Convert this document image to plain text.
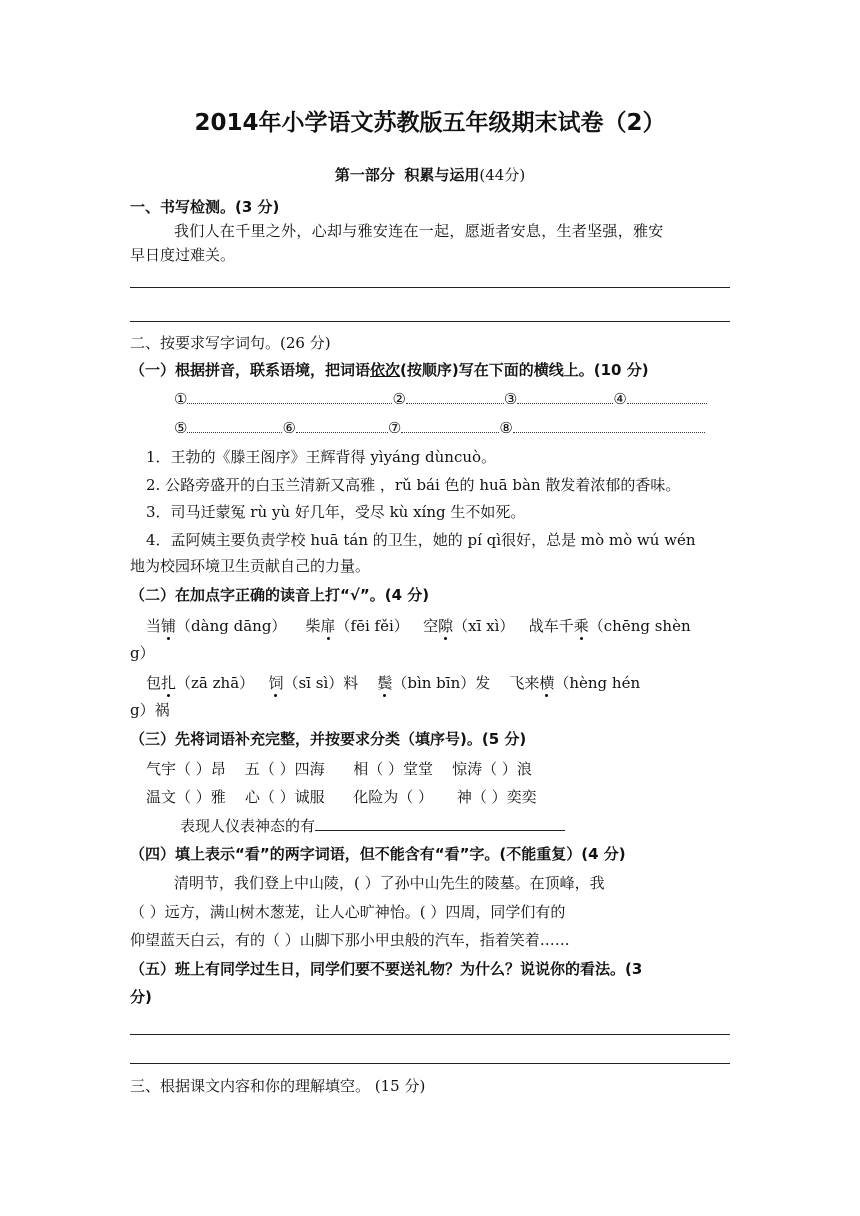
2014年小学语文苏教版五年级期末试卷（2）
第一部分 积累与运用(44分)
一、书写检测。(3 分)
我们人在千里之外，心却与雅安连在一起，愿逝者安息，生者坚强，雅安
早日度过难关。
二、按要求写字词句。(26 分)
（一）根据拼音，联系语境，把词语依次(按顺序)写在下面的横线上。(10 分)
①	②	③	④
⑤	⑥	⑦	⑧
1．王勃的《滕王阁序》王辉背得 yìyáng dùncuò。
2. 公路旁盛开的白玉兰清新又高雅 ，rǔ bái 色的 huā bàn 散发着浓郁的香味。
3．司马迁蒙冤 rù yù 好几年，受尽 kù xíng 生不如死。
4．孟阿姨主要负责学校 huā tán 的卫生，她的 pí qì很好，总是 mò mò wú wén
地为校园环境卫生贡献自己的力量。
（二）在加点字正确的读音上打“√”。(4 分)
当铺（dàng dāng） 柴扉（fēi fěi） 空隙（xī xì） 战车千乘（chēng shèn
g）
包扎（zā zhā） 饲（sī sì）料 鬓（bìn bīn）发 飞来横（hèng hén
g）祸
（三）先将词语补充完整，并按要求分类（填序号)。(5 分)
气宇（ ）昂 五（ ）四海 相（ ）堂堂 惊涛（ ）浪
温文（ ）雅 心（ ）诚服 化险为（ ） 神（ ）奕奕
表现人仪表神态的有
（四）填上表示“看”的两字词语，但不能含有“看”字。(不能重复）(4 分)
清明节，我们登上中山陵，( ）了孙中山先生的陵墓。在顶峰，我
（ ）远方，满山树木葱茏，让人心旷神怡。( ）四周，同学们有的
仰望蓝天白云，有的（ ）山脚下那小甲虫般的汽车，指着笑着……
（五）班上有同学过生日，同学们要不要送礼物？为什么？说说你的看法。(3
分)
三、根据课文内容和你的理解填空。 (15 分)
